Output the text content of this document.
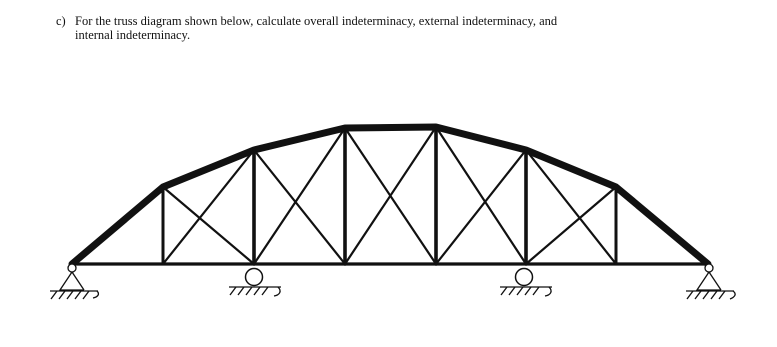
c) For the truss diagram shown below, calculate overall indeterminacy, external indeterminacy, and
internal indeterminacy.
